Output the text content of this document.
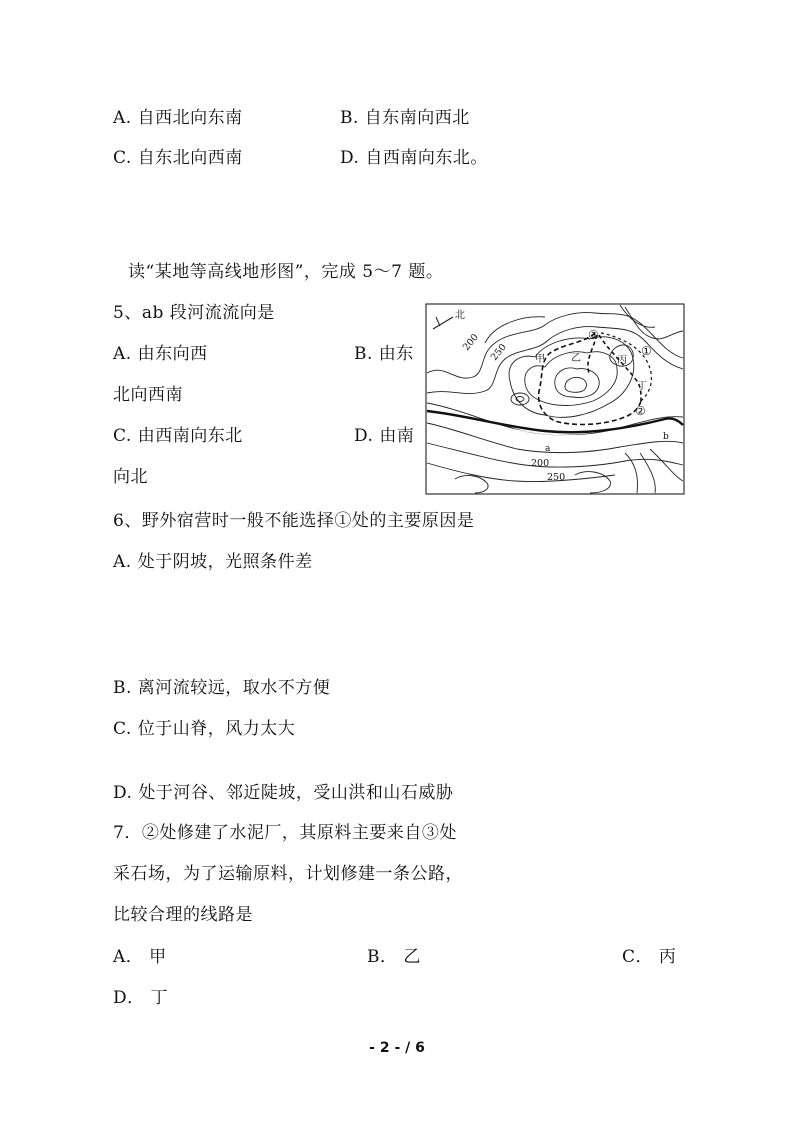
A. 自西北向东南	B. 自东南向西北
C. 自东北向西南	D. 自西南向东北。
读“某地等高线地形图”，完成 5～7 题。
5、ab 段河流流向是
A. 由东向西	B. 由东
北向西南
C. 由西南向东北	D. 由南
向北
6、野外宿营时一般不能选择①处的主要原因是
A. 处于阴坡，光照条件差
B. 离河流较远，取水不方便
C. 位于山脊，风力太大
D. 处于河谷、邻近陡坡，受山洪和山石威胁
7．②处修建了水泥厂，其原料主要来自③处
采石场，为了运输原料，计划修建一条公路，
比较合理的线路是
A． 甲	B． 乙	C． 丙
D． 丁
北
200 250
200
250
甲	乙	丙
丁
③
①
②
a
b
- 2 - / 6
